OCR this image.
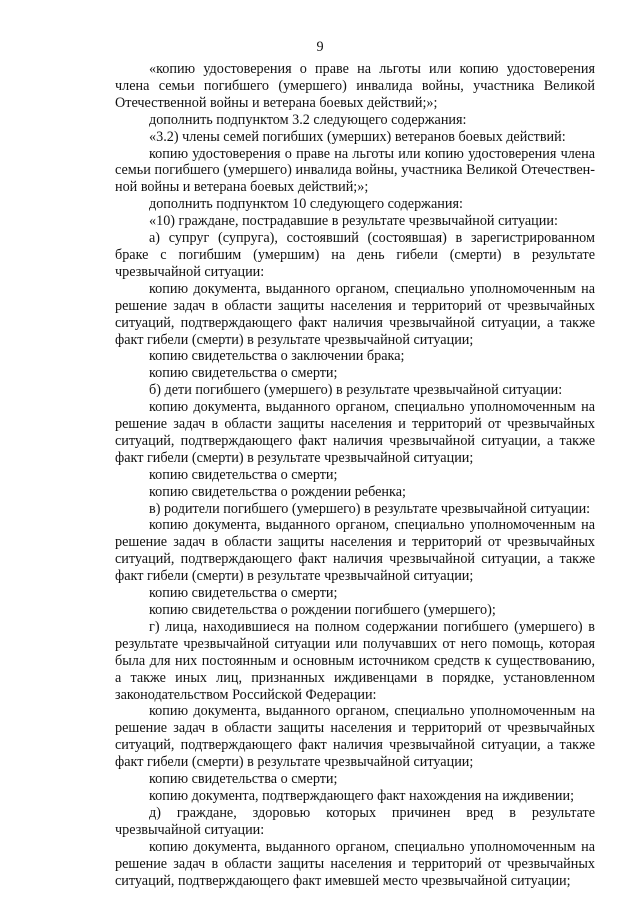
9

«копию удостоверения о праве на льготы или копию удостоверения члена семьи погибшего (умершего) инвалида войны, участника Великой Отечественной войны и ветерана боевых действий;»;

дополнить подпунктом 3.2 следующего содержания:

«3.2) члены семей погибших (умерших) ветеранов боевых действий:

копию удостоверения о праве на льготы или копию удостоверения члена семьи погибшего (умершего) инвалида войны, участника Великой Отечественной войны и ветерана боевых действий;»;

дополнить подпунктом 10 следующего содержания:

«10) граждане, пострадавшие в результате чрезвычайной ситуации:

а) супруг (супруга), состоявший (состоявшая) в зарегистрированном браке с погибшим (умершим) на день гибели (смерти) в результате чрезвычайной ситуации:

копию документа, выданного органом, специально уполномоченным на решение задач в области защиты населения и территорий от чрезвычайных ситуаций, подтверждающего факт наличия чрезвычайной ситуации, а также факт гибели (смерти) в результате чрезвычайной ситуации;

копию свидетельства о заключении брака;

копию свидетельства о смерти;

б) дети погибшего (умершего) в результате чрезвычайной ситуации:

копию документа, выданного органом, специально уполномоченным на решение задач в области защиты населения и территорий от чрезвычайных ситуаций, подтверждающего факт наличия чрезвычайной ситуации, а также факт гибели (смерти) в результате чрезвычайной ситуации;

копию свидетельства о смерти;

копию свидетельства о рождении ребенка;

в) родители погибшего (умершего) в результате чрезвычайной ситуации:

копию документа, выданного органом, специально уполномоченным на решение задач в области защиты населения и территорий от чрезвычайных ситуаций, подтверждающего факт наличия чрезвычайной ситуации, а также факт гибели (смерти) в результате чрезвычайной ситуации;

копию свидетельства о смерти;

копию свидетельства о рождении погибшего (умершего);

г) лица, находившиеся на полном содержании погибшего (умершего) в результате чрезвычайной ситуации или получавших от него помощь, которая была для них постоянным и основным источником средств к существованию, а также иных лиц, признанных иждивенцами в порядке, установленном законодательством Российской Федерации:

копию документа, выданного органом, специально уполномоченным на решение задач в области защиты населения и территорий от чрезвычайных ситуаций, подтверждающего факт наличия чрезвычайной ситуации, а также факт гибели (смерти) в результате чрезвычайной ситуации;

копию свидетельства о смерти;

копию документа, подтверждающего факт нахождения на иждивении;

д) граждане, здоровью которых причинен вред в результате чрезвычайной ситуации:

копию документа, выданного органом, специально уполномоченным на решение задач в области защиты населения и территорий от чрезвычайных ситуаций, подтверждающего факт имевшей место чрезвычайной ситуации;
